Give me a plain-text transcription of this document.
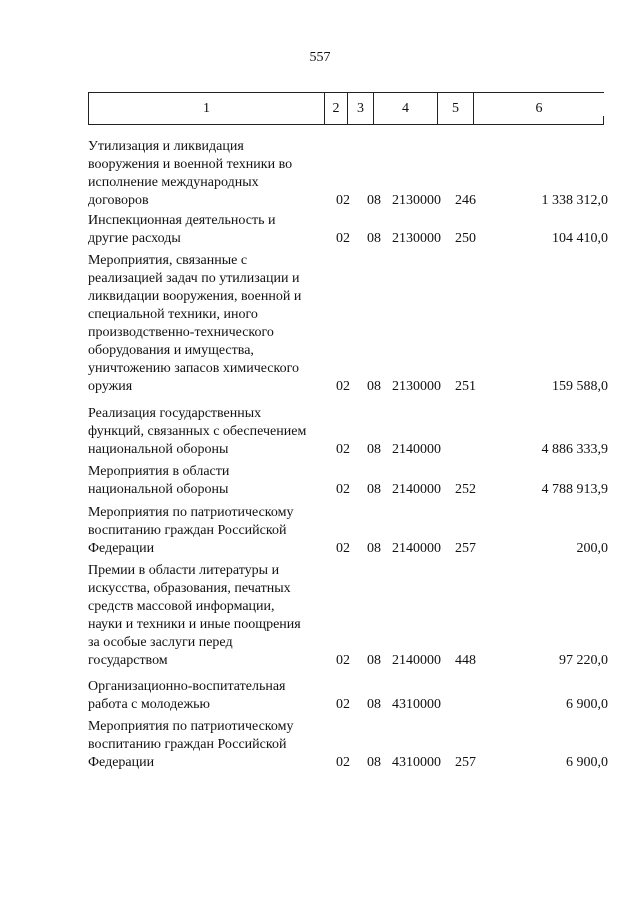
557
1	2	3	4	5	6
Утилизация и ликвидация
вооружения и военной техники во
исполнение международных
договоров	02 08 2130000 246	1 338 312,0
Инспекционная деятельность и
другие расходы	02 08 2130000 250	104 410,0
Мероприятия, связанные с
реализацией задач по утилизации и
ликвидации вооружения, военной и
специальной техники, иного
производственно-технического
оборудования и имущества,
уничтожению запасов химического
оружия	02 08 2130000 251	159 588,0
Реализация государственных
функций, связанных с обеспечением
национальной обороны	02 08 2140000	4 886 333,9
Мероприятия в области
национальной обороны	02 08 2140000 252	4 788 913,9
Мероприятия по патриотическому
воспитанию граждан Российской
Федерации	02 08 2140000 257	200,0
Премии в области литературы и
искусства, образования, печатных
средств массовой информации,
науки и техники и иные поощрения
за особые заслуги перед
государством	02 08 2140000 448	97 220,0
Организационно-воспитательная
работа с молодежью	02 08 4310000	6 900,0
Мероприятия по патриотическому
воспитанию граждан Российской
Федерации	02 08 4310000 257	6 900,0
